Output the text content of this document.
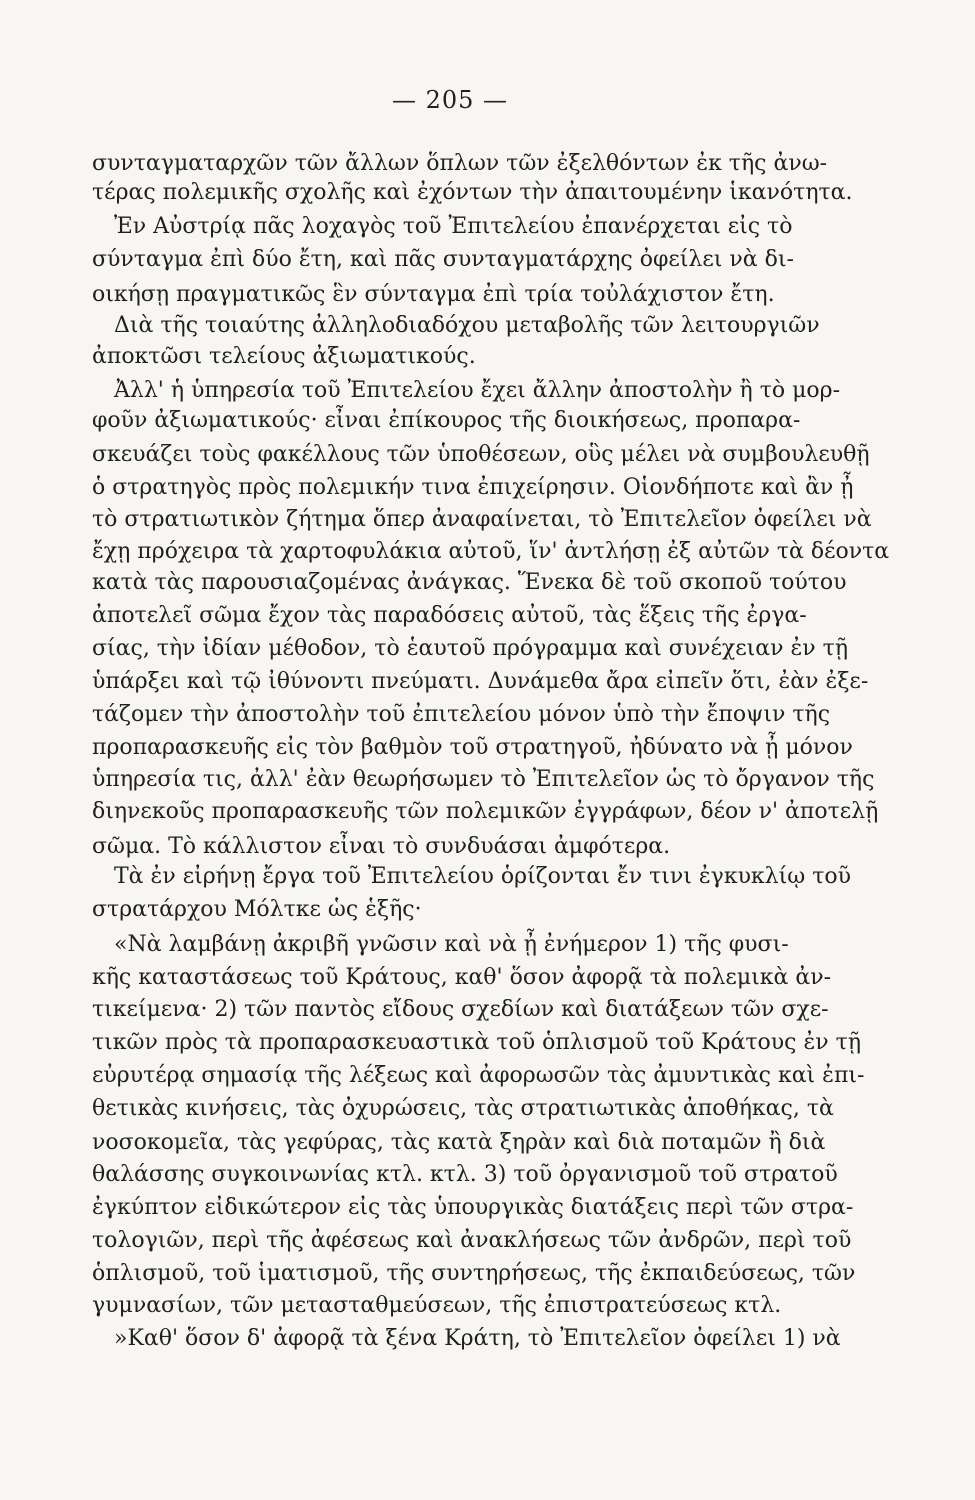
— 205 —
συνταγματαρχῶν τῶν ἄλλων ὅπλων τῶν ἐξελθόντων ἐκ τῆς ἀνω-
τέρας πολεμικῆς σχολῆς καὶ ἐχόντων τὴν ἀπαιτουμένην ἱκανότητα.
Ἐν Αὐστρίᾳ πᾶς λοχαγὸς τοῦ Ἐπιτελείου ἐπανέρχεται εἰς τὸ
σύνταγμα ἐπὶ δύο ἔτη, καὶ πᾶς συνταγματάρχης ὀφείλει νὰ δι-
οικήσῃ πραγματικῶς ἓν σύνταγμα ἐπὶ τρία τοὐλάχιστον ἔτη.
Διὰ τῆς τοιαύτης ἀλληλοδιαδόχου μεταβολῆς τῶν λειτουργιῶν
ἀποκτῶσι τελείους ἀξιωματικούς.
Ἀλλ' ἡ ὑπηρεσία τοῦ Ἐπιτελείου ἔχει ἄλλην ἀποστολὴν ἢ τὸ μορ-
φοῦν ἀξιωματικούς· εἶναι ἐπίκουρος τῆς διοικήσεως, προπαρα-
σκευάζει τοὺς φακέλλους τῶν ὑποθέσεων, οὓς μέλει νὰ συμβουλευθῇ
ὁ στρατηγὸς πρὸς πολεμικήν τινα ἐπιχείρησιν. Οἱονδήποτε καὶ ἂν ᾖ
τὸ στρατιωτικὸν ζήτημα ὅπερ ἀναφαίνεται, τὸ Ἐπιτελεῖον ὀφείλει νὰ
ἔχῃ πρόχειρα τὰ χαρτοφυλάκια αὐτοῦ, ἵν' ἀντλήσῃ ἐξ αὐτῶν τὰ δέοντα
κατὰ τὰς παρουσιαζομένας ἀνάγκας. Ἕνεκα δὲ τοῦ σκοποῦ τούτου
ἀποτελεῖ σῶμα ἔχον τὰς παραδόσεις αὐτοῦ, τὰς ἕξεις τῆς ἐργα-
σίας, τὴν ἰδίαν μέθοδον, τὸ ἑαυτοῦ πρόγραμμα καὶ συνέχειαν ἐν τῇ
ὑπάρξει καὶ τῷ ἰθύνοντι πνεύματι. Δυνάμεθα ἄρα εἰπεῖν ὅτι, ἐὰν ἐξε-
τάζομεν τὴν ἀποστολὴν τοῦ ἐπιτελείου μόνον ὑπὸ τὴν ἔποψιν τῆς
προπαρασκευῆς εἰς τὸν βαθμὸν τοῦ στρατηγοῦ, ἠδύνατο νὰ ᾖ μόνον
ὑπηρεσία τις, ἀλλ' ἐὰν θεωρήσωμεν τὸ Ἐπιτελεῖον ὡς τὸ ὄργανον τῆς
διηνεκοῦς προπαρασκευῆς τῶν πολεμικῶν ἐγγράφων, δέον ν' ἀποτελῇ
σῶμα. Τὸ κάλλιστον εἶναι τὸ συνδυάσαι ἀμφότερα.
Τὰ ἐν εἰρήνῃ ἔργα τοῦ Ἐπιτελείου ὁρίζονται ἔν τινι ἐγκυκλίῳ τοῦ
στρατάρχου Μόλτκε ὡς ἑξῆς·
«Νὰ λαμβάνῃ ἀκριβῆ γνῶσιν καὶ νὰ ᾖ ἐνήμερον 1) τῆς φυσι-
κῆς καταστάσεως τοῦ Κράτους, καθ' ὅσον ἀφορᾷ τὰ πολεμικὰ ἀν-
τικείμενα· 2) τῶν παντὸς εἴδους σχεδίων καὶ διατάξεων τῶν σχε-
τικῶν πρὸς τὰ προπαρασκευαστικὰ τοῦ ὁπλισμοῦ τοῦ Κράτους ἐν τῇ
εὐρυτέρᾳ σημασίᾳ τῆς λέξεως καὶ ἀφορωσῶν τὰς ἀμυντικὰς καὶ ἐπι-
θετικὰς κινήσεις, τὰς ὀχυρώσεις, τὰς στρατιωτικὰς ἀποθήκας, τὰ
νοσοκομεῖα, τὰς γεφύρας, τὰς κατὰ ξηρὰν καὶ διὰ ποταμῶν ἢ διὰ
θαλάσσης συγκοινωνίας κτλ. κτλ. 3) τοῦ ὀργανισμοῦ τοῦ στρατοῦ
ἐγκύπτον εἰδικώτερον εἰς τὰς ὑπουργικὰς διατάξεις περὶ τῶν στρα-
τολογιῶν, περὶ τῆς ἀφέσεως καὶ ἀνακλήσεως τῶν ἀνδρῶν, περὶ τοῦ
ὁπλισμοῦ, τοῦ ἱματισμοῦ, τῆς συντηρήσεως, τῆς ἐκπαιδεύσεως, τῶν
γυμνασίων, τῶν μετασταθμεύσεων, τῆς ἐπιστρατεύσεως κτλ.
»Καθ' ὅσον δ' ἀφορᾷ τὰ ξένα Κράτη, τὸ Ἐπιτελεῖον ὀφείλει 1) νὰ
